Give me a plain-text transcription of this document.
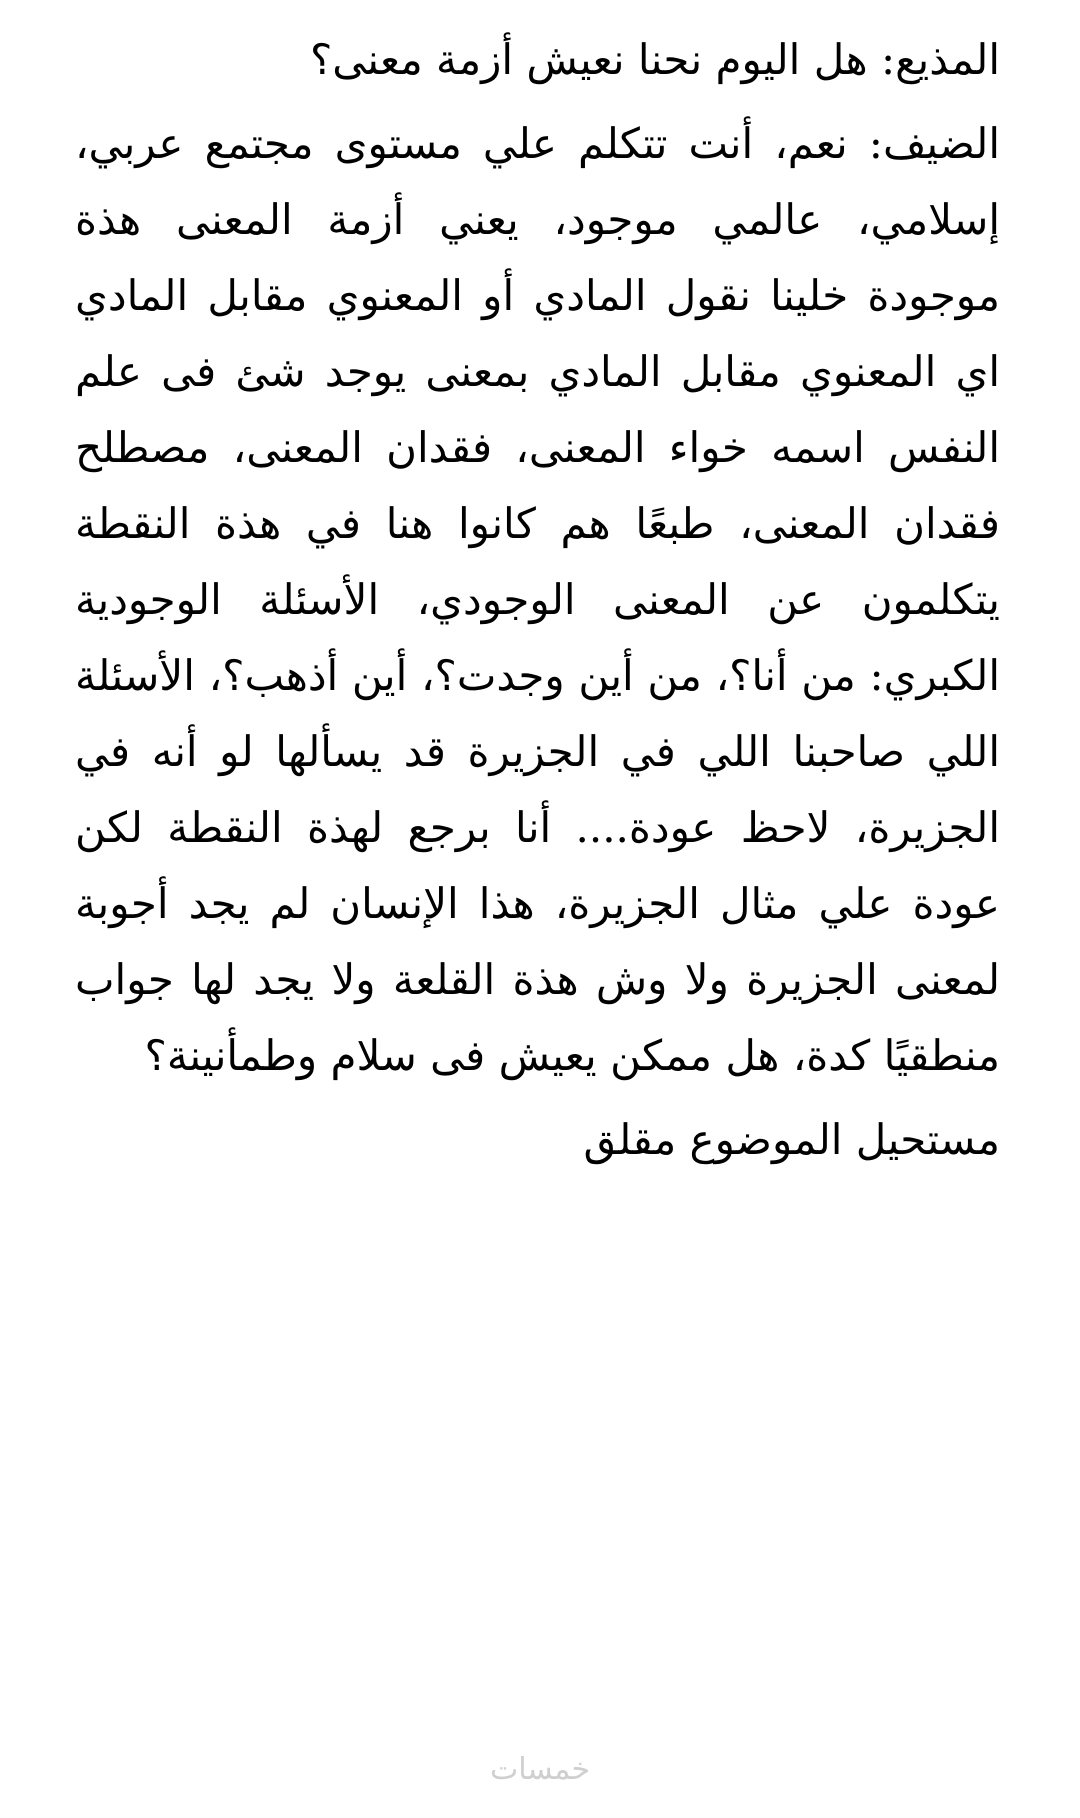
المذيع: هل اليوم نحنا نعيش أزمة معنى؟

الضيف: نعم، أنت تتكلم علي مستوى مجتمع عربي، إسلامي، عالمي موجود، يعني أزمة المعنى هذة موجودة خلينا نقول المادي أو المعنوي مقابل المادي اي المعنوي مقابل المادي بمعنى يوجد شئ فى علم النفس اسمه خواء المعنى، فقدان المعنى، مصطلح فقدان المعنى، طبعًا هم كانوا هنا في هذة النقطة يتكلمون عن المعنى الوجودي، الأسئلة الوجودية الكبري: من أنا؟، من أين وجدت؟، أين أذهب؟، الأسئلة اللي صاحبنا اللي في الجزيرة قد يسألها لو أنه في الجزيرة، لاحظ عودة.... أنا برجع لهذة النقطة لكن عودة علي مثال الجزيرة، هذا الإنسان لم يجد أجوبة لمعنى الجزيرة ولا وش هذة القلعة ولا يجد لها جواب منطقيًا كدة، هل ممكن يعيش فى سلام وطمأنينة؟

مستحيل الموضوع مقلق

خمسات
